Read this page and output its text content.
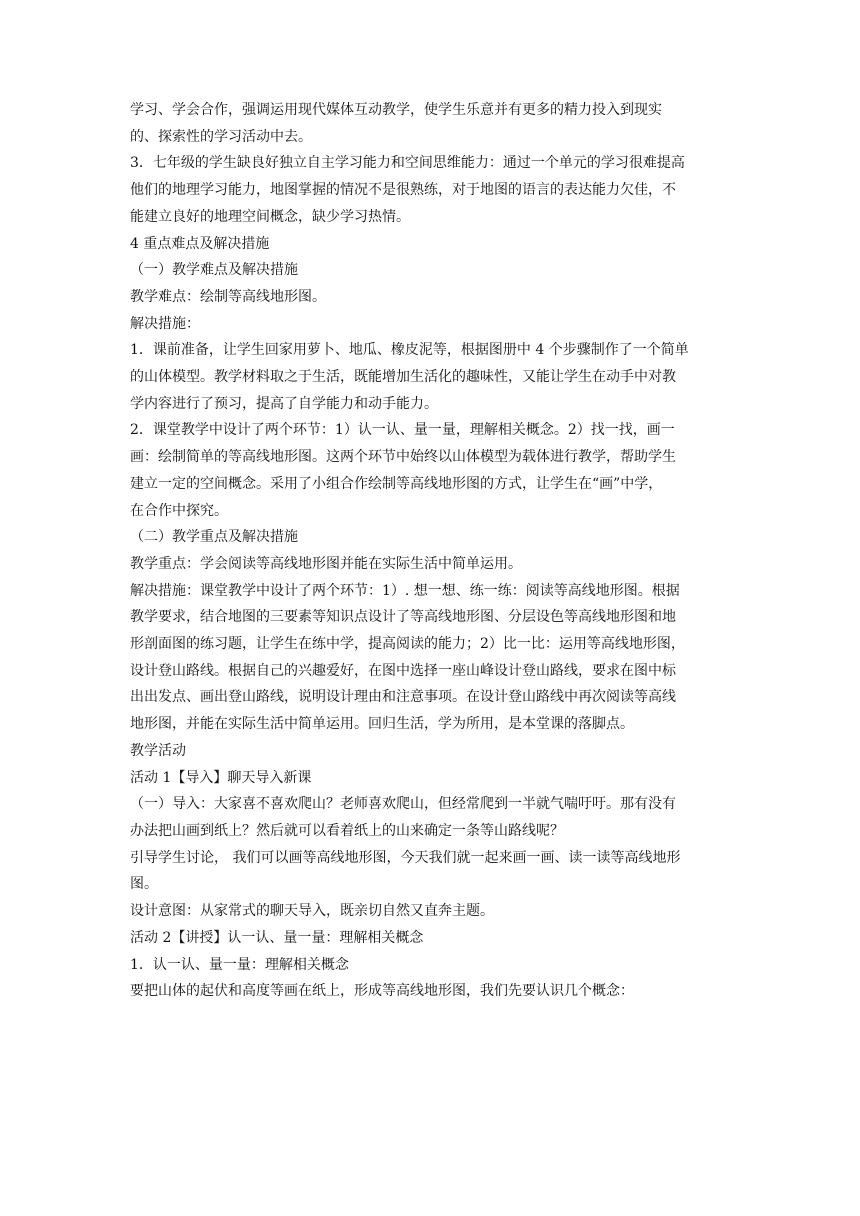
学习、学会合作，强调运用现代媒体互动教学，使学生乐意并有更多的精力投入到现实
的、探索性的学习活动中去。
3．七年级的学生缺良好独立自主学习能力和空间思维能力：通过一个单元的学习很难提高
他们的地理学习能力，地图掌握的情况不是很熟练，对于地图的语言的表达能力欠佳，不
能建立良好的地理空间概念，缺少学习热情。
4 重点难点及解决措施
（一）教学难点及解决措施
教学难点：绘制等高线地形图。
解决措施：
1．课前准备，让学生回家用萝卜、地瓜、橡皮泥等，根据图册中 4 个步骤制作了一个简单
的山体模型。教学材料取之于生活，既能增加生活化的趣味性，又能让学生在动手中对教
学内容进行了预习，提高了自学能力和动手能力。
2．课堂教学中设计了两个环节：1）认一认、量一量，理解相关概念。2）找一找，画一
画：绘制简单的等高线地形图。这两个环节中始终以山体模型为载体进行教学，帮助学生
建立一定的空间概念。采用了小组合作绘制等高线地形图的方式，让学生在“画”中学，
在合作中探究。
（二）教学重点及解决措施
教学重点：学会阅读等高线地形图并能在实际生活中简单运用。
解决措施：课堂教学中设计了两个环节：1）. 想一想、练一练：阅读等高线地形图。根据
教学要求，结合地图的三要素等知识点设计了等高线地形图、分层设色等高线地形图和地
形剖面图的练习题，让学生在练中学，提高阅读的能力；2）比一比：运用等高线地形图，
设计登山路线。根据自己的兴趣爱好，在图中选择一座山峰设计登山路线，要求在图中标
出出发点、画出登山路线，说明设计理由和注意事项。在设计登山路线中再次阅读等高线
地形图，并能在实际生活中简单运用。回归生活，学为所用，是本堂课的落脚点。
教学活动
活动 1【导入】聊天导入新课
（一）导入：大家喜不喜欢爬山？老师喜欢爬山，但经常爬到一半就气喘吁吁。那有没有
办法把山画到纸上？然后就可以看着纸上的山来确定一条等山路线呢？
引导学生讨论， 我们可以画等高线地形图，今天我们就一起来画一画、读一读等高线地形
图。
设计意图：从家常式的聊天导入，既亲切自然又直奔主题。
活动 2【讲授】认一认、量一量：理解相关概念
1．认一认、量一量：理解相关概念
要把山体的起伏和高度等画在纸上，形成等高线地形图，我们先要认识几个概念：
